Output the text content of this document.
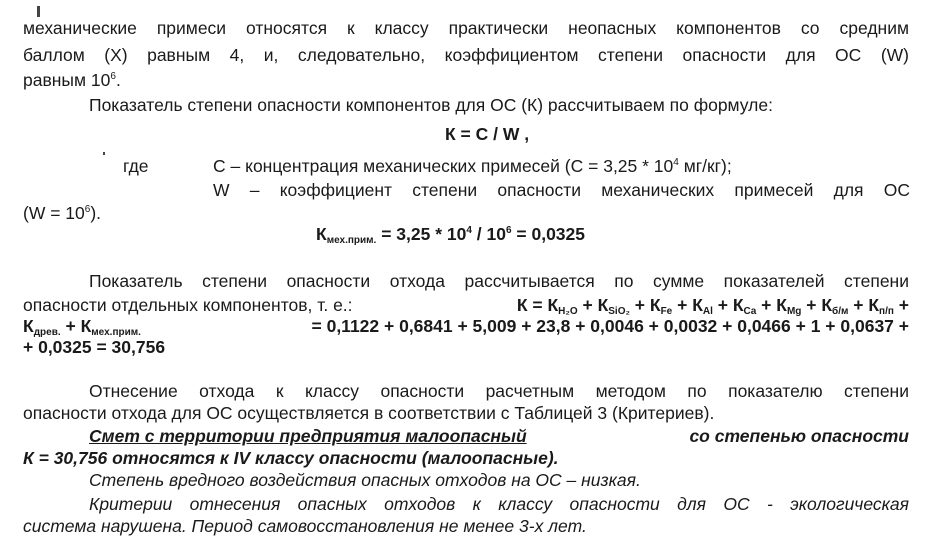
механические примеси относятся к классу практически неопасных компонентов со средним
баллом (X) равным 4, и, следовательно, коэффициентом степени опасности для ОС (W)
равным $10^6$.
Показатель степени опасности компонентов для ОС (К) рассчитываем по формуле:
К = С / W ,
где	С – концентрация механических примесей ($С = 3,25 * 10^4$ мг/кг);
W – коэффициент степени опасности механических примесей для ОС
$(W = 10^6)$.
$К_{мех.прим.} = 3,25 * 10^4 / 10^6 = 0,0325$
Показатель степени опасности отхода рассчитывается по сумме показателей степени
опасности отдельных компонентов, т. е.:	$К = К_{H_2O} + К_{SiO_2} + К_{Fe} + К_{Al} + К_{Ca} + К_{Mg} + К_{б/м} + К_{п/п}$ +
$К_{древ.} + К_{мех.прим.}$	= 0,1122 + 0,6841 + 5,009 + 23,8 + 0,0046 + 0,0032 + 0,0466 + 1 + 0,0637 +
+ 0,0325 = 30,756
Отнесение отхода к классу опасности расчетным методом по показателю степени
опасности отхода для ОС осуществляется в соответствии с Таблицей 3 (Критериев).
Смет с территории предприятия малоопасный	со степенью опасности
К = 30,756 относятся к IV классу опасности (малоопасные).
Степень вредного воздействия опасных отходов на ОС – низкая.
Критерии отнесения опасных отходов к классу опасности для ОС - экологическая
система нарушена. Период самовосстановления не менее 3-х лет.
